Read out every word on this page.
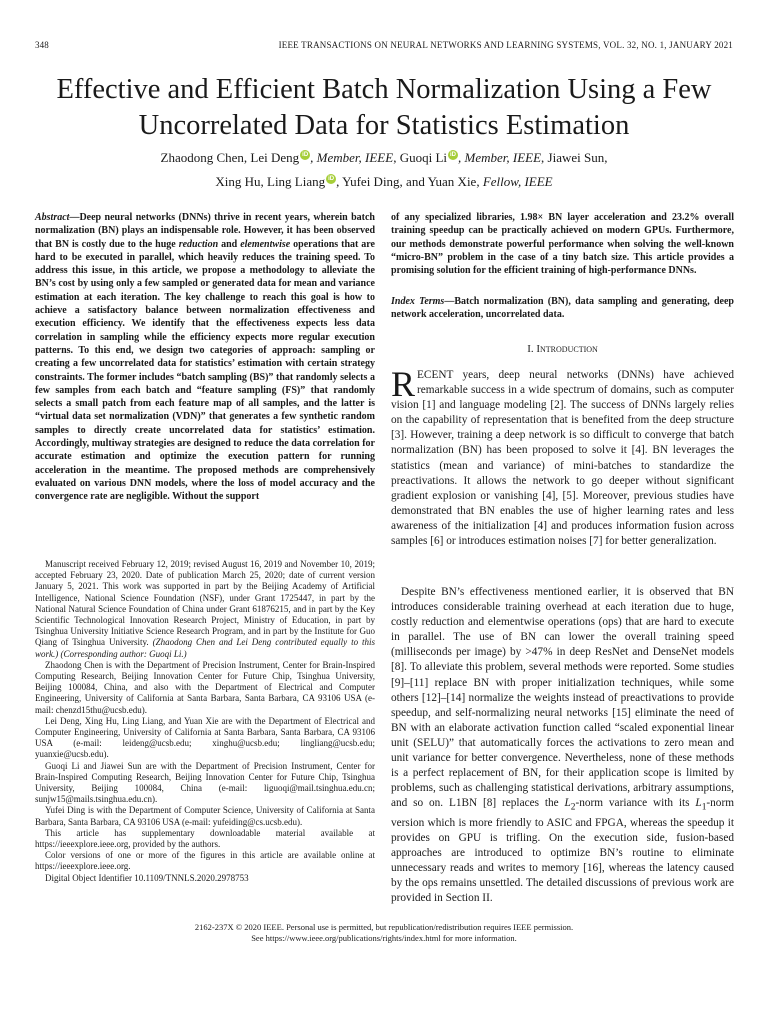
348	IEEE TRANSACTIONS ON NEURAL NETWORKS AND LEARNING SYSTEMS, VOL. 32, NO. 1, JANUARY 2021
Effective and Efficient Batch Normalization Using a Few Uncorrelated Data for Statistics Estimation
Zhaodong Chen, Lei Deng iD , Member, IEEE, Guoqi Li iD , Member, IEEE, Jiawei Sun,
Xing Hu, Ling Liang iD , Yufei Ding, and Yuan Xie, Fellow, IEEE
Abstract—Deep neural networks (DNNs) thrive in recent years, wherein batch normalization (BN) plays an indispensable role. However, it has been observed that BN is costly due to the huge reduction and elementwise operations that are hard to be executed in parallel, which heavily reduces the training speed. To address this issue, in this article, we propose a methodology to alleviate the BN’s cost by using only a few sampled or generated data for mean and variance estimation at each iteration. The key challenge to reach this goal is how to achieve a satisfactory balance between normalization effectiveness and execution efficiency. We identify that the effectiveness expects less data correlation in sampling while the efficiency expects more regular execution patterns. To this end, we design two categories of approach: sampling or creating a few uncorrelated data for statistics’ estimation with certain strategy constraints. The former includes “batch sampling (BS)” that randomly selects a few samples from each batch and “feature sampling (FS)” that randomly selects a small patch from each feature map of all samples, and the latter is “virtual data set normalization (VDN)” that generates a few synthetic random samples to directly create uncorrelated data for statistics’ estimation. Accordingly, multiway strategies are designed to reduce the data correlation for accurate estimation and optimize the execution pattern for running acceleration in the meantime. The proposed methods are comprehensively evaluated on various DNN models, where the loss of model accuracy and the convergence rate are negligible. Without the support
of any specialized libraries, 1.98× BN layer acceleration and 23.2% overall training speedup can be practically achieved on modern GPUs. Furthermore, our methods demonstrate powerful performance when solving the well-known “micro-BN” problem in the case of a tiny batch size. This article provides a promising solution for the efficient training of high-performance DNNs.
Index Terms—Batch normalization (BN), data sampling and generating, deep network acceleration, uncorrelated data.
I. Introduction
RECENT years, deep neural networks (DNNs) have achieved remarkable success in a wide spectrum of domains, such as computer vision [1] and language modeling [2]. The success of DNNs largely relies on the capability of representation that is benefited from the deep structure [3]. However, training a deep network is so difficult to converge that batch normalization (BN) has been proposed to solve it [4]. BN leverages the statistics (mean and variance) of mini-batches to standardize the preactivations. It allows the network to go deeper without significant gradient explosion or vanishing [4], [5]. Moreover, previous studies have demonstrated that BN enables the use of higher learning rates and less awareness of the initialization [4] and produces information fusion across samples [6] or introduces estimation noises [7] for better generalization.
Despite BN’s effectiveness mentioned earlier, it is observed that BN introduces considerable training overhead at each iteration due to huge, costly reduction and elementwise operations (ops) that are hard to execute in parallel. The use of BN can lower the overall training speed (milliseconds per image) by >47% in deep ResNet and DenseNet models [8]. To alleviate this problem, several methods were reported. Some studies [9]–[11] replace BN with proper initialization techniques, while some others [12]–[14] normalize the weights instead of preactivations to provide speedup, and self-normalizing neural networks [15] eliminate the need of BN with an elaborate activation function called “scaled exponential linear unit (SELU)” that automatically forces the activations to zero mean and unit variance for better convergence. Nevertheless, none of these methods is a perfect replacement of BN, for their application scope is limited by problems, such as challenging statistical derivations, arbitrary assumptions, and so on. L1BN [8] replaces the $L_2$-norm variance with its $L_1$-norm version which is more friendly to ASIC and FPGA, whereas the speedup it provides on GPU is trifling. On the execution side, fusion-based approaches are introduced to optimize BN’s routine to eliminate unnecessary reads and writes to memory [16], whereas the latency caused by the ops remains unsettled. The detailed discussions of previous work are provided in Section II.

Manuscript received February 12, 2019; revised August 16, 2019 and November 10, 2019; accepted February 23, 2020. Date of publication March 25, 2020; date of current version January 5, 2021. This work was supported in part by the Beijing Academy of Artificial Intelligence, National Science Foundation (NSF), under Grant 1725447, in part by the National Natural Science Foundation of China under Grant 61876215, and in part by the Key Scientific Technological Innovation Research Project, Ministry of Education, in part by Tsinghua University Initiative Science Research Program, and in part by the Institute for Guo Qiang of Tsinghua University. (Zhaodong Chen and Lei Deng contributed equally to this work.) (Corresponding author: Guoqi Li.)

Zhaodong Chen is with the Department of Precision Instrument, Center for Brain-Inspired Computing Research, Beijing Innovation Center for Future Chip, Tsinghua University, Beijing 100084, China, and also with the Department of Electrical and Computer Engineering, University of California at Santa Barbara, Santa Barbara, CA 93106 USA (e-mail: chenzd15thu@ucsb.edu).

Lei Deng, Xing Hu, Ling Liang, and Yuan Xie are with the Department of Electrical and Computer Engineering, University of California at Santa Barbara, Santa Barbara, CA 93106 USA (e-mail: leideng@ucsb.edu; xinghu@ucsb.edu; lingliang@ucsb.edu; yuanxie@ucsb.edu).

Guoqi Li and Jiawei Sun are with the Department of Precision Instrument, Center for Brain-Inspired Computing Research, Beijing Innovation Center for Future Chip, Tsinghua University, Beijing 100084, China (e-mail: liguoqi@mail.tsinghua.edu.cn; sunjw15@mails.tsinghua.edu.cn).

Yufei Ding is with the Department of Computer Science, University of California at Santa Barbara, Santa Barbara, CA 93106 USA (e-mail: yufeiding@cs.ucsb.edu).

This article has supplementary downloadable material available at https://ieeexplore.ieee.org, provided by the authors.

Color versions of one or more of the figures in this article are available online at https://ieeexplore.ieee.org.

Digital Object Identifier 10.1109/TNNLS.2020.2978753

2162-237X © 2020 IEEE. Personal use is permitted, but republication/redistribution requires IEEE permission.
See https://www.ieee.org/publications/rights/index.html for more information.
